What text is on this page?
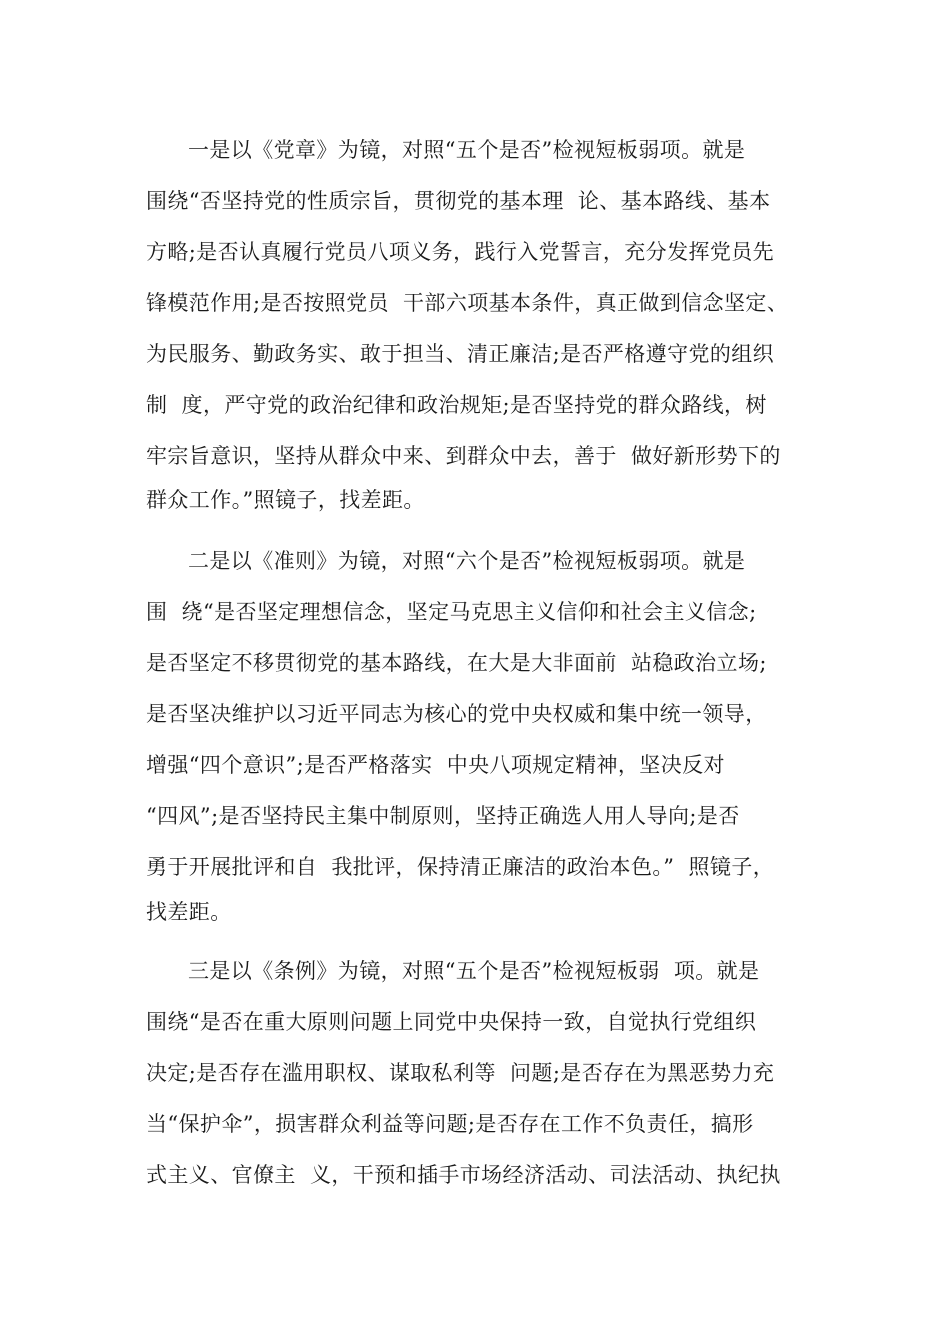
一是以《党章》为镜，对照“五个是否”检视短板弱项。就是
围绕“否坚持党的性质宗旨，贯彻党的基本理  论、基本路线、基本
方略;是否认真履行党员八项义务，践行入党誓言，充分发挥党员先
锋模范作用;是否按照党员  干部六项基本条件，真正做到信念坚定、
为民服务、勤政务实、敢于担当、清正廉洁;是否严格遵守党的组织
制  度，严守党的政治纪律和政治规矩;是否坚持党的群众路线，树
牢宗旨意识，坚持从群众中来、到群众中去，善于  做好新形势下的
群众工作。”照镜子，找差距。
二是以《准则》为镜，对照“六个是否”检视短板弱项。就是
围  绕“是否坚定理想信念，坚定马克思主义信仰和社会主义信念;
是否坚定不移贯彻党的基本路线，在大是大非面前  站稳政治立场;
是否坚决维护以习近平同志为核心的党中央权威和集中统一领导，
增强“四个意识”;是否严格落实  中央八项规定精神，坚决反对
“四风”;是否坚持民主集中制原则，坚持正确选人用人导向;是否
勇于开展批评和自  我批评，保持清正廉洁的政治本色。”  照镜子，
找差距。
三是以《条例》为镜，对照“五个是否”检视短板弱  项。就是
围绕“是否在重大原则问题上同党中央保持一致，自觉执行党组织
决定;是否存在滥用职权、谋取私利等  问题;是否存在为黑恶势力充
当“保护伞”，损害群众利益等问题;是否存在工作不负责任，搞形
式主义、官僚主  义，干预和插手市场经济活动、司法活动、执纪执
